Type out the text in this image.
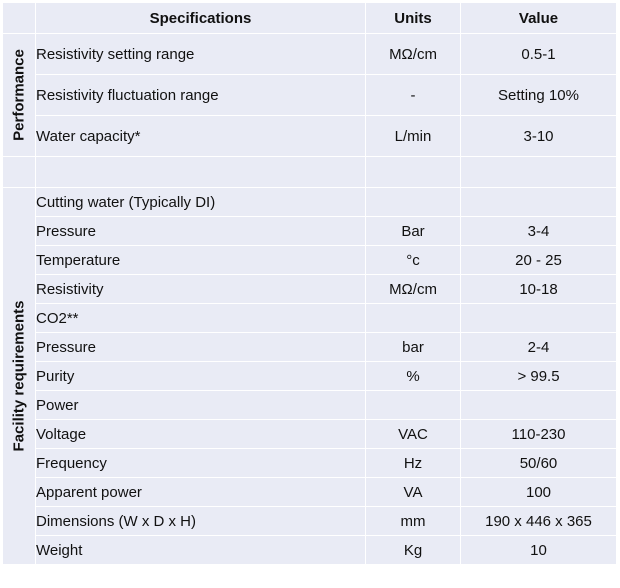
	Specifications	Units	Value

Performance	Resistivity setting range	MΩ/cm	0.5-1
	Resistivity fluctuation range	-	Setting 10%
	Water capacity*	L/min	3-10

Facility requirements	Cutting water (Typically DI)		
	Pressure	Bar	3-4
	Temperature	°c	20 - 25
	Resistivity	MΩ/cm	10-18
	CO2**		
	Pressure	bar	2-4
	Purity	%	> 99.5
	Power		
	Voltage	VAC	110-230
	Frequency	Hz	50/60
	Apparent power	VA	100
	Dimensions (W x D x H)	mm	190 x 446 x 365
	Weight	Kg	10
